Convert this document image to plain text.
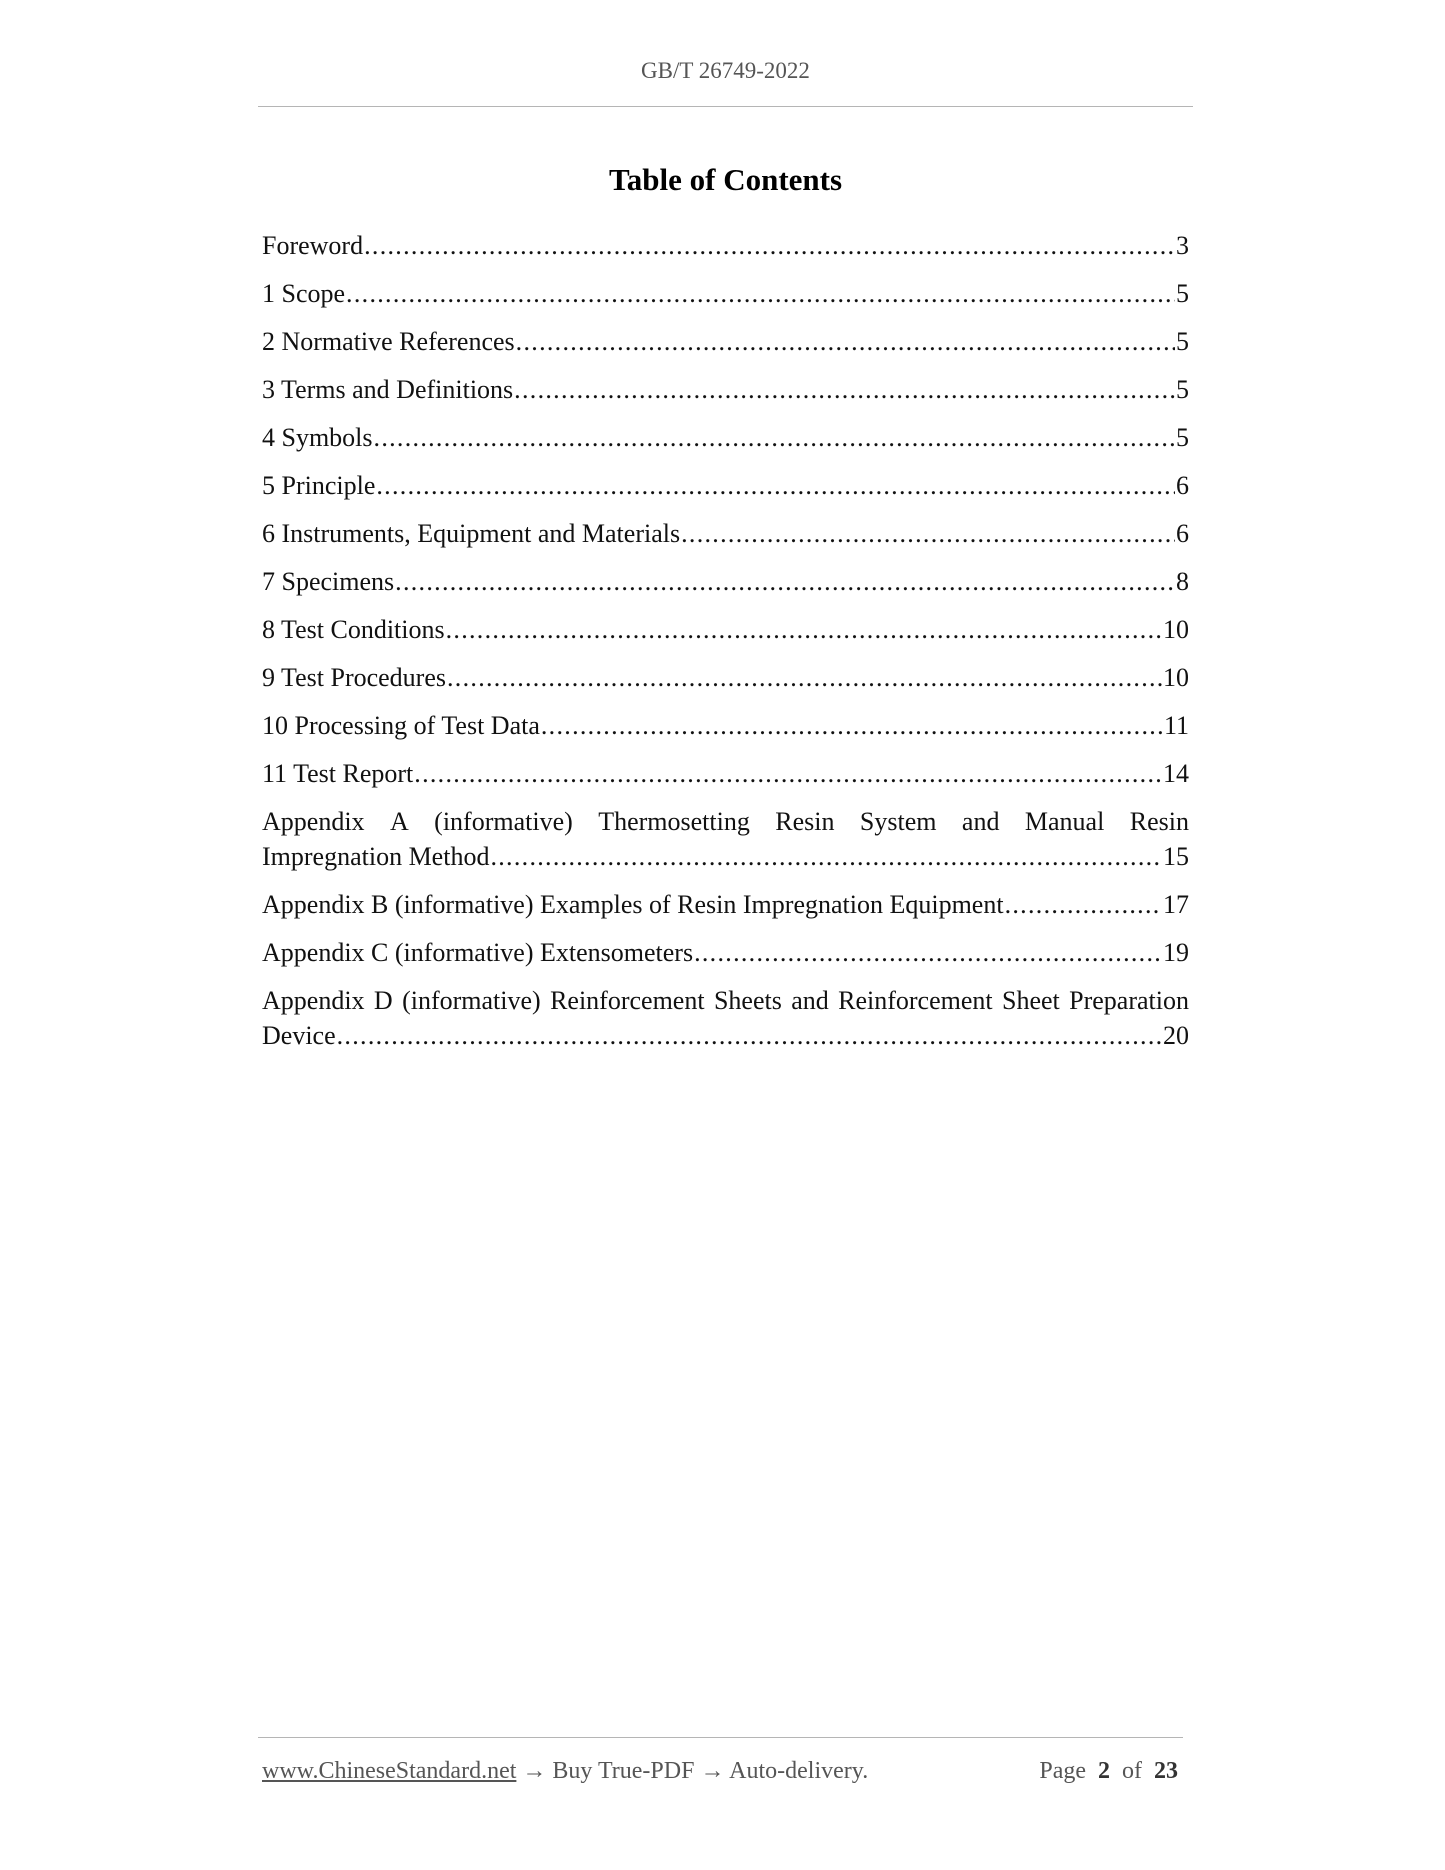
GB/T 26749-2022
Table of Contents
Foreword . . .	3
1 Scope . . .	5
2 Normative References . . .	5
3 Terms and Definitions . . .	5
4 Symbols . . .	5
5 Principle . . .	6
6 Instruments, Equipment and Materials . . .	6
7 Specimens . . .	8
8 Test Conditions . . .	10
9 Test Procedures . . .	10
10 Processing of Test Data . . .	11
11 Test Report . . .	14
Appendix A (informative) Thermosetting Resin System and Manual Resin
Impregnation Method . . .	15
Appendix B (informative) Examples of Resin Impregnation Equipment . . .	17
Appendix C (informative) Extensometers . . .	19
Appendix D (informative) Reinforcement Sheets and Reinforcement Sheet Preparation
Device . . .	20
www.ChineseStandard.net → Buy True-PDF → Auto-delivery.	Page 2 of 23
